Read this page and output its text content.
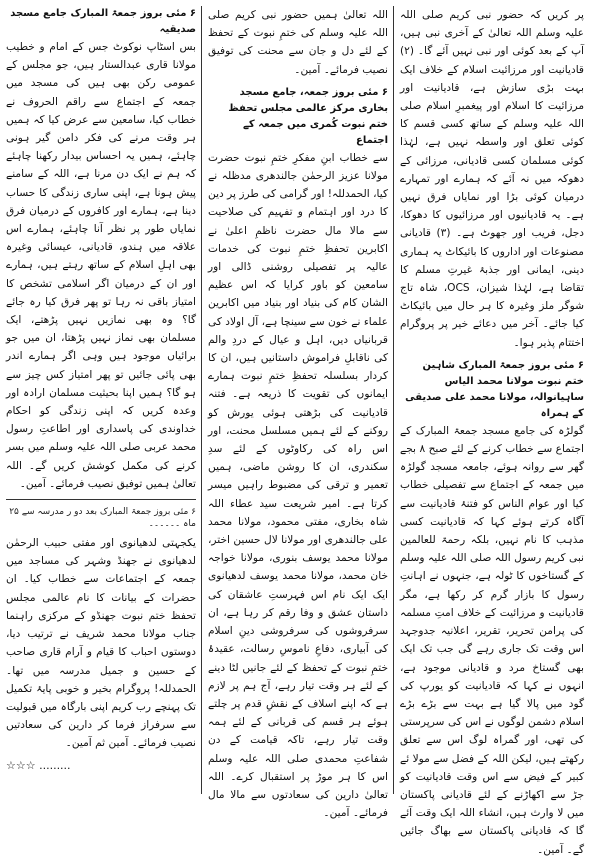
پر کریں کہ حضور نبی کریم صلی اللہ علیہ وسلم اللہ تعالیٰ کے آخری نبی ہیں، آپ کے بعد کوئی اور نبی نہیں آئے گا۔ (۲) قادیانیت اور مرزائیت اسلام کے خلاف ایک بہت بڑی سازش ہے، قادیانیت اور مرزائیت کا اسلام اور پیغمبرِ اسلام صلی اللہ علیہ وسلم کے ساتھ کسی قسم کا کوئی تعلق اور واسطہ نہیں ہے، لہٰذا کوئی مسلمان کسی قادیانی، مرزائی کے دھوکہ میں نہ آئے کہ ہمارے اور تمہارے درمیان کوئی بڑا اور نمایاں فرق نہیں ہے۔ یہ قادیانیوں اور مرزائیوں کا دھوکا، دجل، فریب اور جھوٹ ہے۔ (۳) قادیانی مصنوعات اور اداروں کا بائیکاٹ یہ ہماری دینی، ایمانی اور جذبۂ غیرتِ مسلم کا تقاضا ہے، لہٰذا شیزان، OCS، شاہ تاج شوگر ملز وغیرہ کا ہر حال میں بائیکاٹ کیا جائے۔ آخر میں دعائے خیر پر پروگرام اختتام پذیر ہوا۔

۶ مئی بروز جمعۃ المبارک شاہین ختم نبوت مولانا محمد الیاس ساہیانوالہ، مولانا محمد علی صدیقی کے ہمراہ

گولڑہ کی جامع مسجد جمعۃ المبارک کے اجتماع سے خطاب کرنے کے لئے صبح ۸ بجے گھر سے روانہ ہوئے، جامعہ مسجد گولڑہ میں جمعہ کے اجتماع سے تفصیلی خطاب کیا اور عوام الناس کو فتنۂ قادیانیت سے آگاہ کرتے ہوئے کہا کہ قادیانیت کسی مذہب کا نام نہیں، بلکہ رحمۃ للعالمین نبی کریم رسول اللہ صلی اللہ علیہ وسلم کے گستاخوں کا ٹولہ ہے، جنہوں نے اہانتِ رسول کا بازار گرم کر رکھا ہے، مگر قادیانیت و مرزائیت کے خلاف امتِ مسلمہ کی پرامن تحریر، تقریر، اعلانیہ جدوجہد اس وقت تک جاری رہے گی جب تک ایک بھی گستاخ مرد و قادیانی موجود ہے، انہوں نے کہا کہ قادیانیت کو یورپ کی گود میں پالا گیا ہے بہت سے بڑے بڑے اسلام دشمن لوگوں نے اس کی سرپرستی کی تھی، اور گمراہ لوگ اس سے تعلق رکھتے ہیں، لیکن اللہ کے فضل سے مولا ئے کبیر کے فیض سے اس وقت قادیانیت کو جڑ سے اکھاڑنے کے لئے قادیانی پاکستان میں لا وارث ہیں، انشاء اللہ ایک وقت آئے گا کہ قادیانی پاکستان سے بھاگ جائیں گے۔ آمین۔

اللہ تعالیٰ ہمیں حضور نبی کریم صلی اللہ علیہ وسلم کی ختمِ نبوت کے تحفظ کے لئے دل و جان سے محنت کی توفیق نصیب فرمائے۔ آمین۔

۶ مئی بروز جمعہ، جامع مسجد بخاری مرکز عالمی مجلس تحفظ ختم نبوت کُمری میں جمعہ کے اجتماع

سے خطاب ابنِ مفکرِ ختمِ نبوت حضرت مولانا عزیز الرحمٰن جالندھری مدظلہ نے کیا، الحمدللہ! اور گرامی کی طرز پر دین کا درد اور اہتمام و تفہیم کی صلاحیت سے مالا مال حضرت ناظمِ اعلیٰ نے اکابرین تحفظِ ختمِ نبوت کی خدمات عالیہ پر تفصیلی روشنی ڈالی اور سامعین کو باور کرایا کہ اس عظیم الشان کام کی بنیاد اور بنیاد میں اکابرین علماء نے خون سے سینچا ہے، آل اولاد کی قربانیاں دیں، اہل و عیال کے دردِ والم کی ناقابلِ فراموش داستانیں ہیں، ان کا کردار بسلسلہ تحفظِ ختمِ نبوت ہمارے ایمانوں کی تقویت کا ذریعہ ہے۔ فتنہ قادیانیت کی بڑھتی ہوئی یورش کو روکنے کے لئے ہمیں مسلسل محنت، اور اس راہ کی رکاوٹوں کے لئے سدِ سکندری، ان کا روشن ماضی، ہمیں تعمیر و ترقی کی مضبوط راہیں میسر کرتا ہے۔ امیر شریعت سید عطاء اللہ شاہ بخاری، مفتی محمود، مولانا محمد علی جالندھری اور مولانا لال حسین اختر، مولانا محمد یوسف بنوری، مولانا خواجہ خان محمد، مولانا محمد یوسف لدھیانوی ایک ایک نام اس فہرستِ عاشقان کی داستان عشق و وفا رقم کر رہا ہے، ان سرفروشوں کی سرفروشی دینِ اسلام کی آبیاری، دفاعِ ناموسِ رسالت، عقیدۂ ختمِ نبوت کے تحفظ کے لئے جانیں لٹا دینے کے لئے ہر وقت تیار رہے، آج ہم پر لازم ہے کہ اپنے اسلاف کے نقشِ قدم پر چلتے ہوئے ہر قسم کی قربانی کے لئے ہمہ وقت تیار رہے، تاکہ قیامت کے دن شفاعتِ محمدی صلی اللہ علیہ وسلم اس کا ہر موڑ پر استقبال کرے۔ اللہ تعالیٰ دارین کی سعادتوں سے مالا مال فرمائے۔ آمین۔

۶ مئی بروز جمعۃ المبارک جامع مسجد صدیقیہ

بس اسٹاپ نوکوٹ جس کے امام و خطیب مولانا قاری عبدالستار ہیں، جو مجلس کے عمومی رکن بھی ہیں کی مسجد میں جمعہ کے اجتماع سے راقم الحروف نے خطاب کیا، سامعین سے عرض کیا کہ ہمیں ہر وقت مرنے کی فکر دامن گیر ہونی چاہئے، ہمیں یہ احساس بیدار رکھنا چاہئے کہ ہم نے ایک دن مرنا ہے، اللہ کے سامنے پیش ہونا ہے، اپنی ساری زندگی کا حساب دینا ہے، ہمارے اور کافروں کے درمیان فرق نمایاں طور پر نظر آنا چاہئے، ہمارے اس علاقہ میں ہندو، قادیانی، عیسائی وغیرہ بھی اہلِ اسلام کے ساتھ رہتے ہیں، ہمارے اور ان کے درمیان اگر اسلامی تشخص کا امتیاز باقی نہ رہا تو پھر فرق کیا رہ جائے گا؟ وہ بھی نمازیں نہیں پڑھتے، ایک مسلمان بھی نماز نہیں پڑھتا، ان میں جو برائیاں موجود ہیں وہی اگر ہمارے اندر بھی پائی جائیں تو پھر امتیاز کس چیز سے ہو گا؟ ہمیں اپنا بحیثیت مسلمان ارادہ اور وعدہ کریں کہ اپنی زندگی کو احکام خداوندی کی پاسداری اور اطاعتِ رسول محمد عربی صلی اللہ علیہ وسلم میں بسر کرنے کی مکمل کوشش کریں گے۔ اللہ تعالیٰ ہمیں توفیق نصیب فرمائے۔ آمین۔

۶ مئی بروز جمعۃ المبارک بعد دو ر مدرسہ سے ۲۵ ماہ ۔۔۔۔۔۔

یکجہتی لدھیانوی اور مفتی حبیب الرحمٰن لدھیانوی نے جھنڈ وشہر کی مساجد میں جمعہ کے اجتماعات سے خطاب کیا۔ ان حضرات کے بیانات کا نام عالمی مجلس تحفظ ختم نبوت جھنڈو کے مرکزی راہنما جناب مولانا محمد شریف نے ترتیب دیا، دوستوں احباب کا قیام و آرام قاری صاحب کے حسین و جمیل مدرسہ میں تھا۔ الحمدللہ! پروگرام بخیر و خوبی پایۂ تکمیل تک پہنچے رب کریم اپنی بارگاہ میں قبولیت سے سرفراز فرما کر دارین کی سعادتیں نصیب فرمائے۔ آمین ثم آمین۔

☆☆☆ .........
